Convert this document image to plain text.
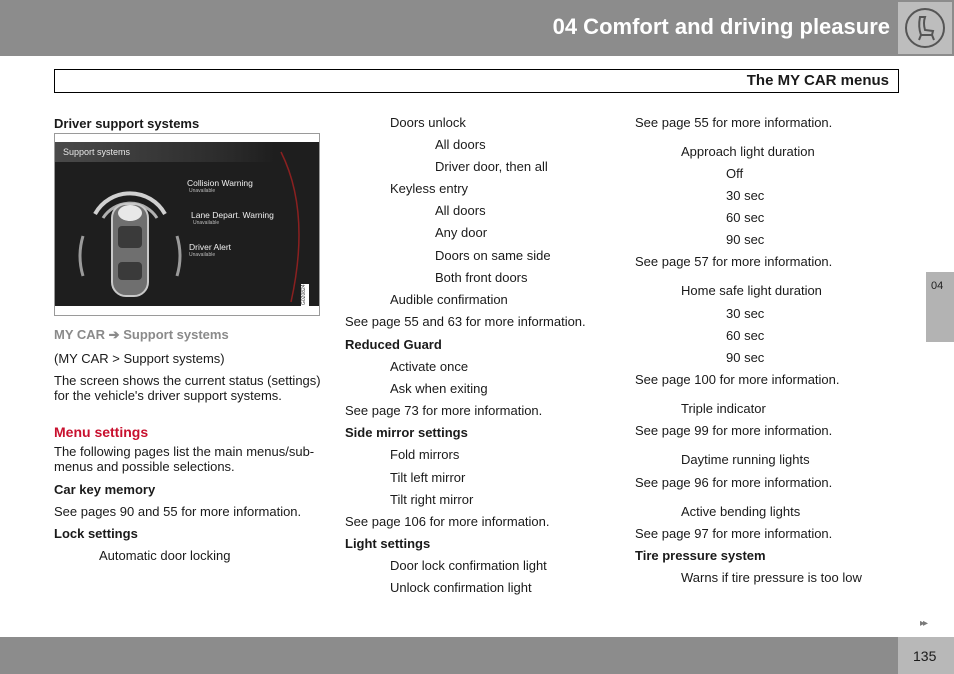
04 Comfort and driving pleasure
The MY CAR menus
Driver support systems
Support systems
Collision Warning
Unavailable
Lane Depart. Warning
Unavailable
Driver Alert
Unavailable
G020824
MY CAR ➔ Support systems
(MY CAR > Support systems)
The screen shows the current status (settings)
for the vehicle's driver support systems.
Menu settings
The following pages list the main menus/sub-
menus and possible selections.
Car key memory
See pages 90 and 55 for more information.
Lock settings
Automatic door locking
Doors unlock
All doors
Driver door, then all
Keyless entry
All doors
Any door
Doors on same side
Both front doors
Audible confirmation
See page 55 and 63 for more information.
Reduced Guard
Activate once
Ask when exiting
See page 73 for more information.
Side mirror settings
Fold mirrors
Tilt left mirror
Tilt right mirror
See page 106 for more information.
Light settings
Door lock confirmation light
Unlock confirmation light
See page 55 for more information.
Approach light duration
Off
30 sec
60 sec
90 sec
See page 57 for more information.
Home safe light duration
30 sec
60 sec
90 sec
See page 100 for more information.
Triple indicator
See page 99 for more information.
Daytime running lights
See page 96 for more information.
Active bending lights
See page 97 for more information.
Tire pressure system
Warns if tire pressure is too low
04
▸▸
135
